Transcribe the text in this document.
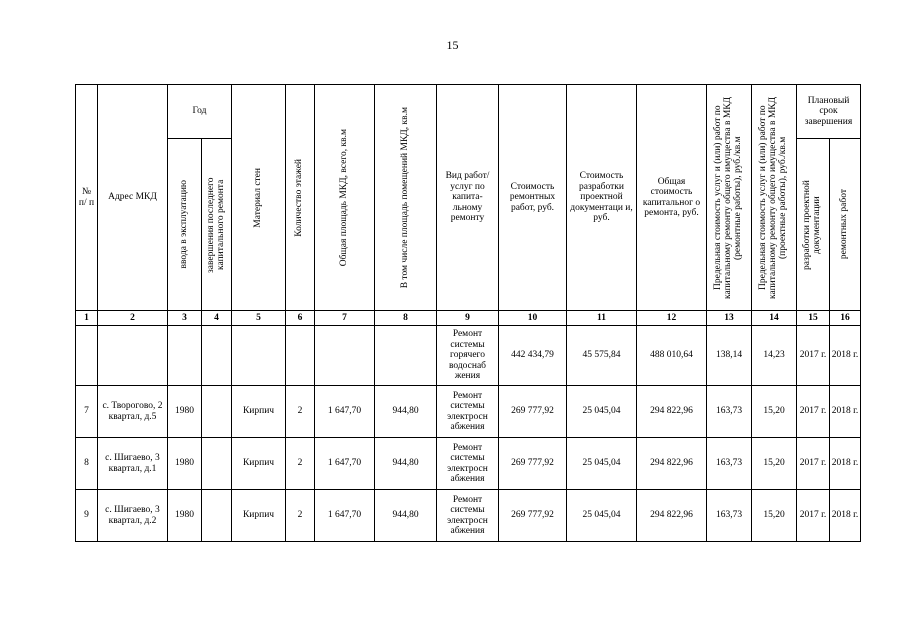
15
№ п/ п	Адрес МКД	Год		Материал стен	Количество этажей	Общая площадь МКД, всего, кв.м	В том числе площадь помещений МКД, кв.м	Вид работ/ услуг по капита-льному ремонту	Стоимость ремонтных работ, руб.	Стоимость разработки проектной документаци и, руб.	Общая стоимость капитальног о ремонта, руб.	Предельная стоимость услуг и (или) работ по капитальному ремонту общего имущества в МКД (ремонтные работы), руб./кв.м	Предельная стоимость услуг и (или) работ по капитальному ремонту общего имущества в МКД (проектные работы), руб./кв.м	Плановый срок завершения	

		ввода в эксплуатацию	завершения последнего капитального ремонта											разработки проектной документации	ремонтных работ

1	2	3	4	5	6	7	8	9	10	11	12	13	14	15	16
								Ремонт системы горячего водоснаб жения	442 434,79	45 575,84	488 010,64	138,14	14,23	2017 г.	2018 г.
7	с. Творогово, 2 квартал, д.5	1980		Кирпич	2	1 647,70	944,80	Ремонт системы электросн абжения	269 777,92	25 045,04	294 822,96	163,73	15,20	2017 г.	2018 г.
8	с. Шигаево, 3 квартал, д.1	1980		Кирпич	2	1 647,70	944,80	Ремонт системы электросн абжения	269 777,92	25 045,04	294 822,96	163,73	15,20	2017 г.	2018 г.
9	с. Шигаево, 3 квартал, д.2	1980		Кирпич	2	1 647,70	944,80	Ремонт системы электросн абжения	269 777,92	25 045,04	294 822,96	163,73	15,20	2017 г.	2018 г.
